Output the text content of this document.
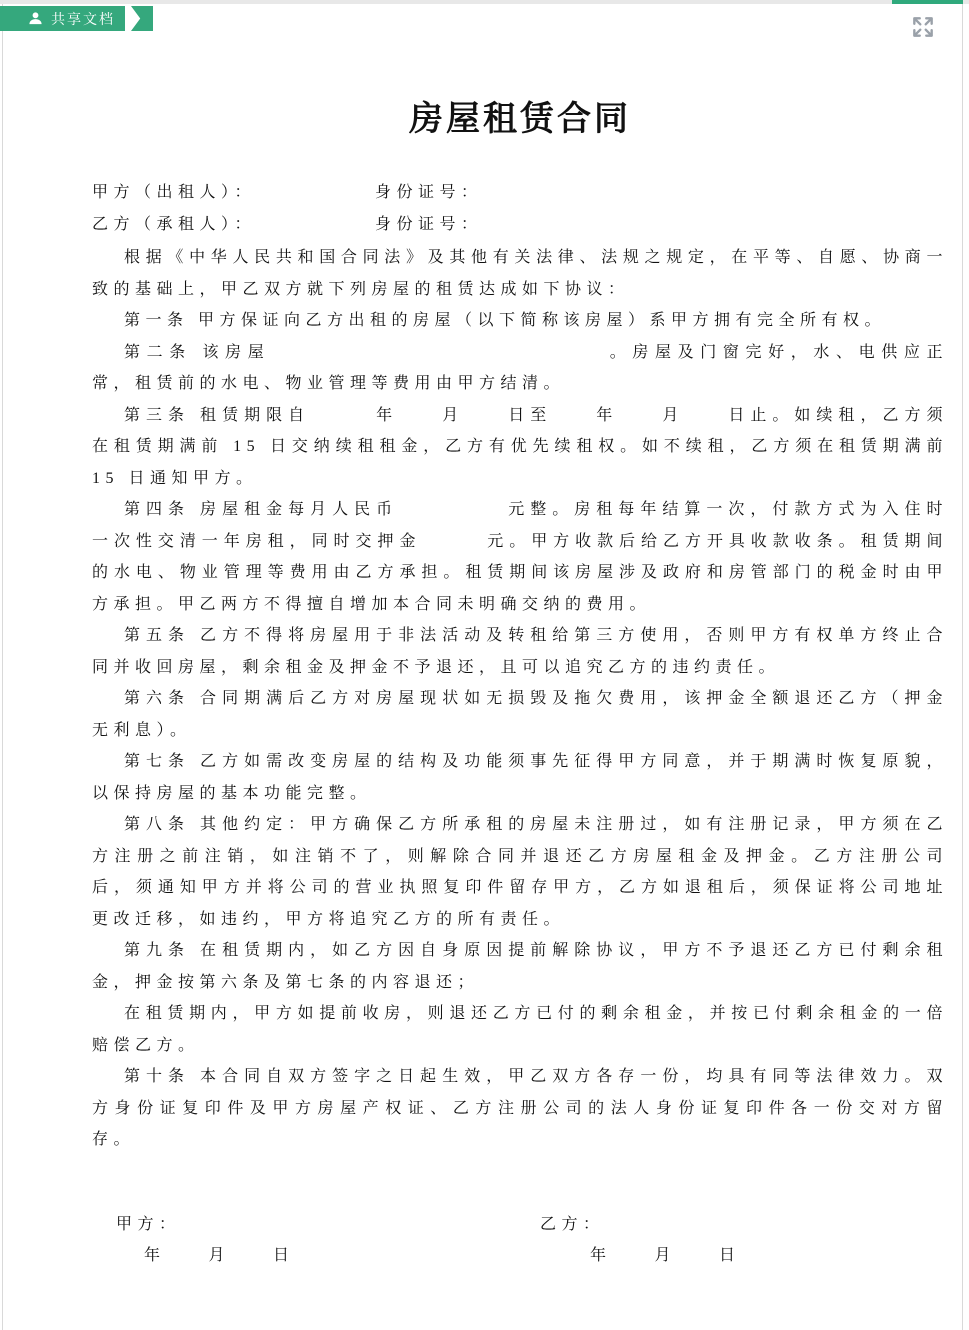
共享文档
房屋租赁合同
甲方（出租人）：	身份证号：
乙方（承租人）：	身份证号：

根据《中华人民共和国合同法》及其他有关法律、法规之规定，在平等、自愿、协商一致的基础上，甲乙双方就下列房屋的租赁达成如下协议：

第一条 甲方保证向乙方出租的房屋（以下简称该房屋）系甲方拥有完全所有权。

第二条 该房屋　　　　　　　　　　　　　　　。房屋及门窗完好，水、电供应正常，租赁前的水电、物业管理等费用由甲方结清。

第三条 租赁期限自　　　年　　月　　日至　　年　　月　　日止。如续租，乙方须在租赁期满前 15 日交纳续租租金，乙方有优先续租权。如不续租，乙方须在租赁期满前 15 日通知甲方。

第四条 房屋租金每月人民币　　　　　元整。房租每年结算一次，付款方式为入住时一次性交清一年房租，同时交押金　　　元。甲方收款后给乙方开具收款收条。租赁期间的水电、物业管理等费用由乙方承担。租赁期间该房屋涉及政府和房管部门的税金时由甲方承担。甲乙两方不得擅自增加本合同未明确交纳的费用。

第五条 乙方不得将房屋用于非法活动及转租给第三方使用，否则甲方有权单方终止合同并收回房屋，剩余租金及押金不予退还，且可以追究乙方的违约责任。

第六条 合同期满后乙方对房屋现状如无损毁及拖欠费用，该押金全额退还乙方（押金无利息）。

第七条 乙方如需改变房屋的结构及功能须事先征得甲方同意，并于期满时恢复原貌，以保持房屋的基本功能完整。

第八条 其他约定：甲方确保乙方所承租的房屋未注册过，如有注册记录，甲方须在乙方注册之前注销，如注销不了，则解除合同并退还乙方房屋租金及押金。乙方注册公司后，须通知甲方并将公司的营业执照复印件留存甲方，乙方如退租后，须保证将公司地址更改迁移，如违约，甲方将追究乙方的所有责任。

第九条 在租赁期内，如乙方因自身原因提前解除协议，甲方不予退还乙方已付剩余租金，押金按第六条及第七条的内容退还；

在租赁期内，甲方如提前收房，则退还乙方已付的剩余租金，并按已付剩余租金的一倍赔偿乙方。

第十条 本合同自双方签字之日起生效，甲乙双方各存一份，均具有同等法律效力。双方身份证复印件及甲方房屋产权证、乙方注册公司的法人身份证复印件各一份交对方留存。

甲方：	乙方：
年　　月　　日	年　　月　　日
